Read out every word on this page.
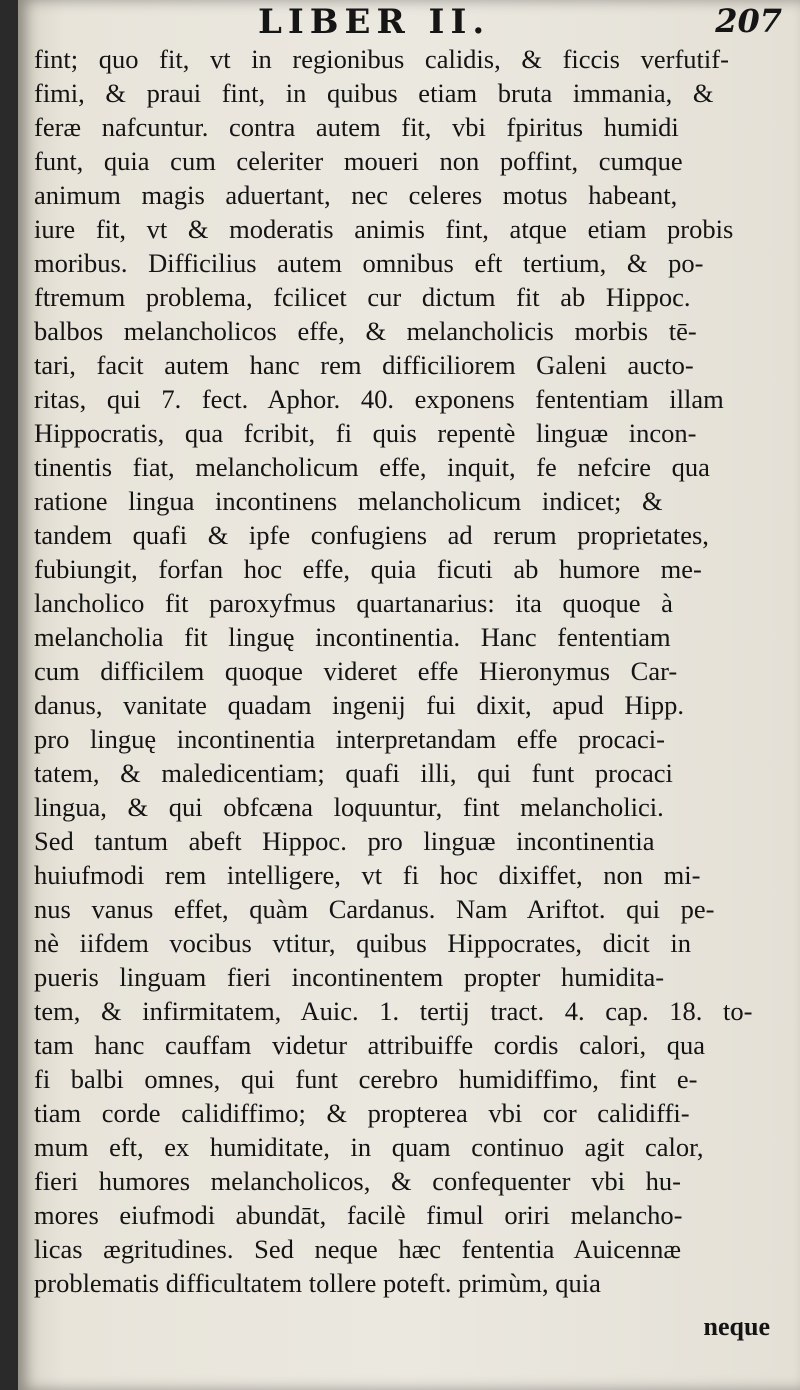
LIBER II.	207
fint; quo fit, vt in regionibus calidis, & ficcis verfutif-
fimi, & praui fint, in quibus etiam bruta immania, &
feræ nafcuntur. contra autem fit, vbi fpiritus humidi
funt, quia cum celeriter moueri non poffint, cumque
animum magis aduertant, nec celeres motus habeant,
iure fit, vt & moderatis animis fint, atque etiam probis
moribus. Difficilius autem omnibus eft tertium, & po-
ftremum problema, fcilicet cur dictum fit ab Hippoc.
balbos melancholicos effe, & melancholicis morbis tē-
tari, facit autem hanc rem difficiliorem Galeni aucto-
ritas, qui 7. fect. Aphor. 40. exponens fententiam illam
Hippocratis, qua fcribit, fi quis repentè linguæ incon-
tinentis fiat, melancholicum effe, inquit, fe nefcire qua
ratione lingua incontinens melancholicum indicet; &
tandem quafi & ipfe confugiens ad rerum proprietates,
fubiungit, forfan hoc effe, quia ficuti ab humore me-
lancholico fit paroxyfmus quartanarius: ita quoque à
melancholia fit linguę incontinentia. Hanc fententiam
cum difficilem quoque videret effe Hieronymus Car-
danus, vanitate quadam ingenij fui dixit, apud Hipp.
pro linguę incontinentia interpretandam effe procaci-
tatem, & maledicentiam; quafi illi, qui funt procaci
lingua, & qui obfcæna loquuntur, fint melancholici.
Sed tantum abeft Hippoc. pro linguæ incontinentia
huiufmodi rem intelligere, vt fi hoc dixiffet, non mi-
nus vanus effet, quàm Cardanus. Nam Ariftot. qui pe-
nè iifdem vocibus vtitur, quibus Hippocrates, dicit in
pueris linguam fieri incontinentem propter humidita-
tem, & infirmitatem, Auic. 1. tertij tract. 4. cap. 18. to-
tam hanc cauffam videtur attribuiffe cordis calori, qua
fi balbi omnes, qui funt cerebro humidiffimo, fint e-
tiam corde calidiffimo; & propterea vbi cor calidiffi-
mum eft, ex humiditate, in quam continuo agit calor,
fieri humores melancholicos, & confequenter vbi hu-
mores eiufmodi abundāt, facilè fimul oriri melancho-
licas ægritudines. Sed neque hæc fententia Auicennæ
problematis difficultatem tollere poteft. primùm, quia
neque
